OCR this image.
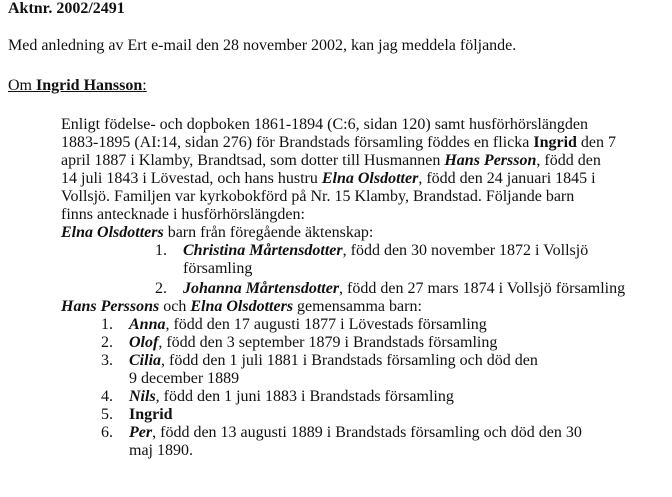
Aktnr. 2002/2491
Med anledning av Ert e-mail den 28 november 2002, kan jag meddela följande.
Om Ingrid Hansson:

Enligt födelse- och dopboken 1861-1894 (C:6, sidan 120) samt husförhörslängden
1883-1895 (AI:14, sidan 276) för Brandstads församling föddes en flicka Ingrid den 7
april 1887 i Klamby, Brandtsad, som dotter till Husmannen Hans Persson, född den
14 juli 1843 i Lövestad, och hans hustru Elna Olsdotter, född den 24 januari 1845 i
Vollsjö. Familjen var kyrkobokförd på Nr. 15 Klamby, Brandstad. Följande barn
finns antecknade i husförhörslängden:

Elna Olsdotters barn från föregående äktenskap:

1. Christina Mårtensdotter, född den 30 november 1872 i Vollsjö
församling
2. Johanna Mårtensdotter, född den 27 mars 1874 i Vollsjö församling

Hans Perssons och Elna Olsdotters gemensamma barn:

1. Anna, född den 17 augusti 1877 i Lövestads församling
2. Olof, född den 3 september 1879 i Brandstads församling
3. Cilia, född den 1 juli 1881 i Brandstads församling och död den
9 december 1889
4. Nils, född den 1 juni 1883 i Brandstads församling
5. Ingrid
6. Per, född den 13 augusti 1889 i Brandstads församling och död den 30
maj 1890.
